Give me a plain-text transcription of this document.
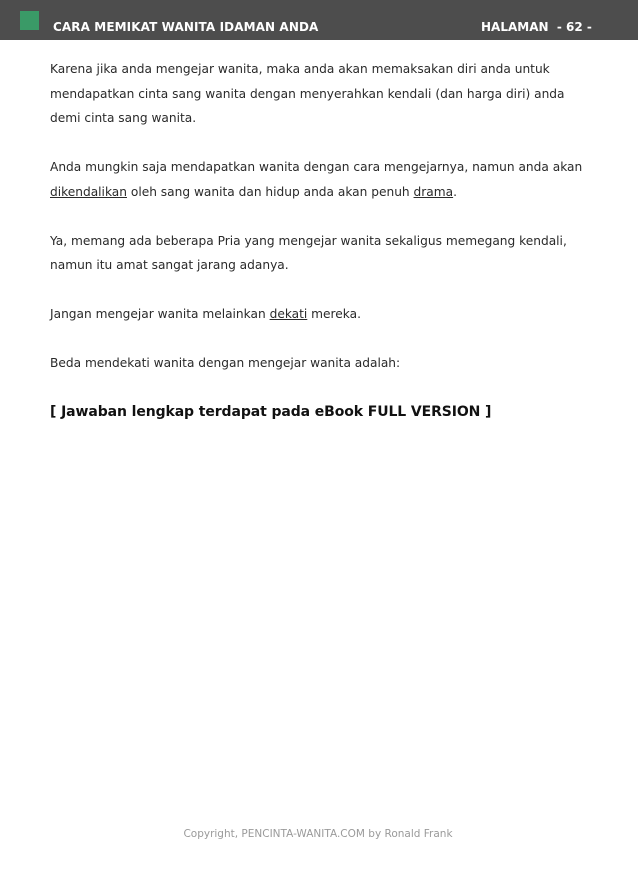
CARA MEMIKAT WANITA IDAMAN ANDA	HALAMAN  - 62 -

Karena jika anda mengejar wanita, maka anda akan memaksakan diri anda untuk mendapatkan cinta sang wanita dengan menyerahkan kendali (dan harga diri) anda demi cinta sang wanita.

Anda mungkin saja mendapatkan wanita dengan cara mengejarnya, namun anda akan dikendalikan oleh sang wanita dan hidup anda akan penuh drama.

Ya, memang ada beberapa Pria yang mengejar wanita sekaligus memegang kendali, namun itu amat sangat jarang adanya.

Jangan mengejar wanita melainkan dekati mereka.

Beda mendekati wanita dengan mengejar wanita adalah:

[ Jawaban lengkap terdapat pada eBook FULL VERSION ]

Copyright, PENCINTA-WANITA.COM by Ronald Frank
